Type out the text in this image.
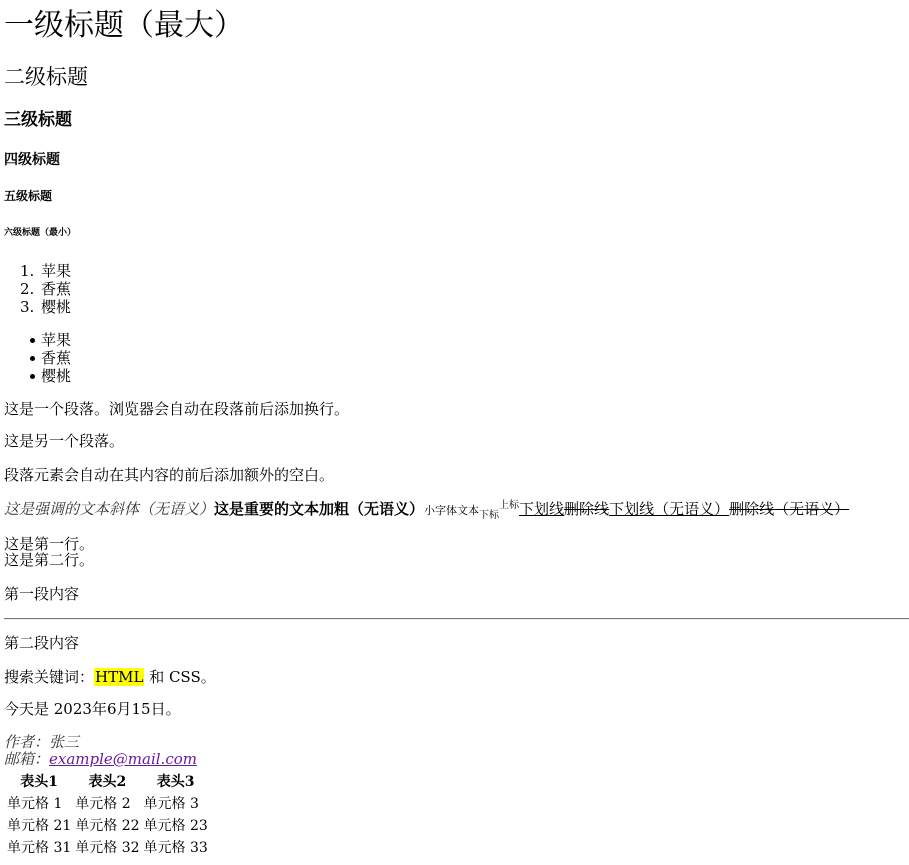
一级标题（最大）
二级标题
三级标题
四级标题
五级标题
六级标题（最小）
1. 苹果
2. 香蕉
3. 樱桃
苹果
香蕉
樱桃
这是一个段落。浏览器会自动在段落前后添加换行。
这是另一个段落。
段落元素会自动在其内容的前后添加额外的空白。
这是强调的文本斜体（无语义）这是重要的文本加粗（无语义）小字体文本$_{下标}^{上标}$下划线删除线下划线（无语义）删除线（无语义）
这是第一行。
这是第二行。
第一段内容
第二段内容
搜索关键词：HTML 和 CSS。
今天是 2023年6月15日。
作者：张三
邮箱：example@mail.com
表头1	表头2	表头3
单元格 1	单元格 2	单元格 3
单元格 21	单元格 22	单元格 23
单元格 31	单元格 32	单元格 33
